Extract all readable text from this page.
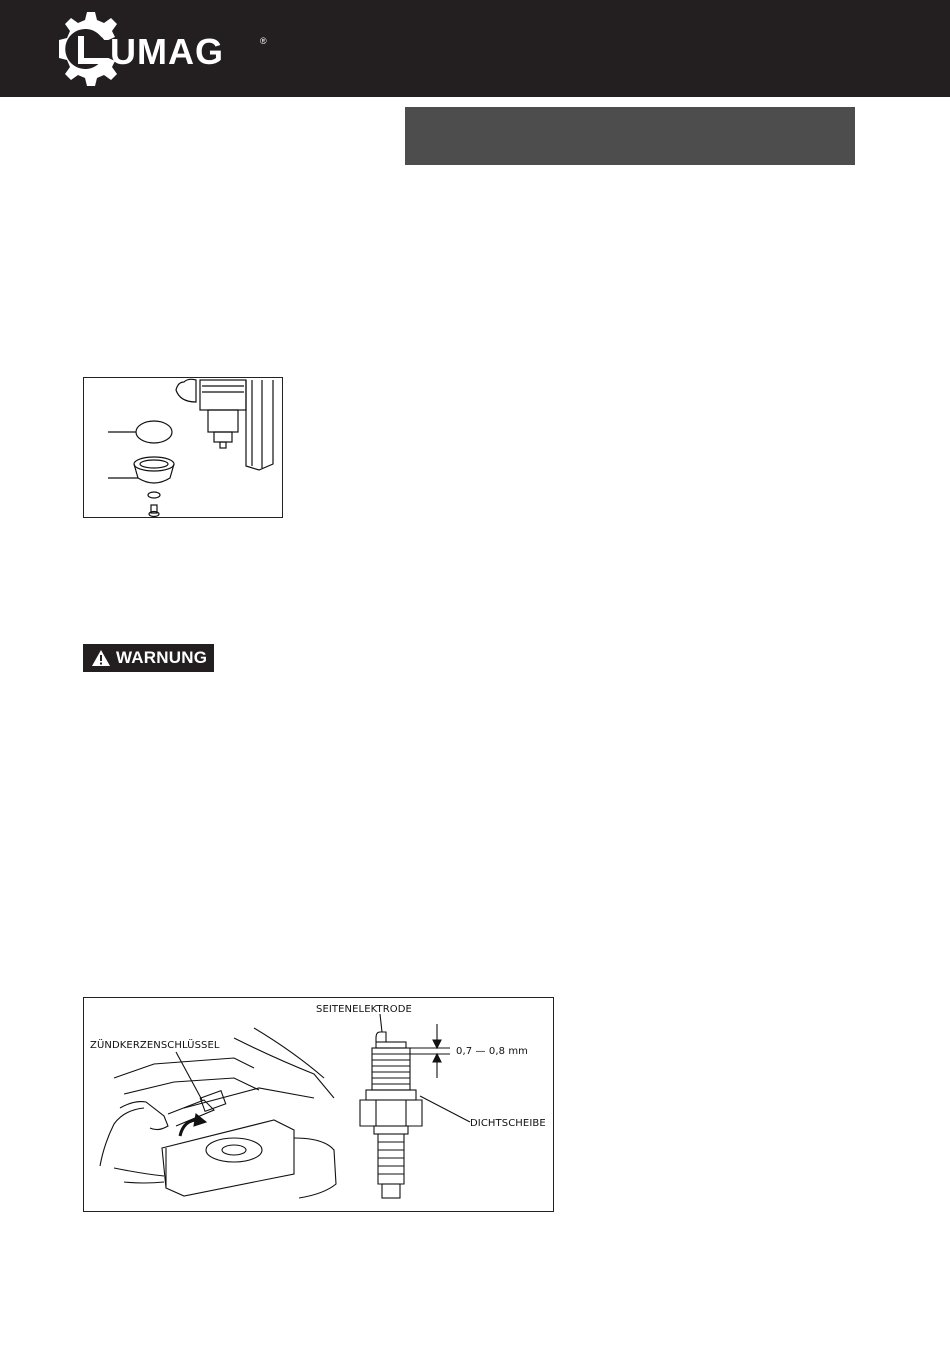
UMAG	®
WARNUNG
ZÜNDKERZENSCHLÜSSEL
SEITENELEKTRODE
0,7 — 0,8 mm
DICHTSCHEIBE
